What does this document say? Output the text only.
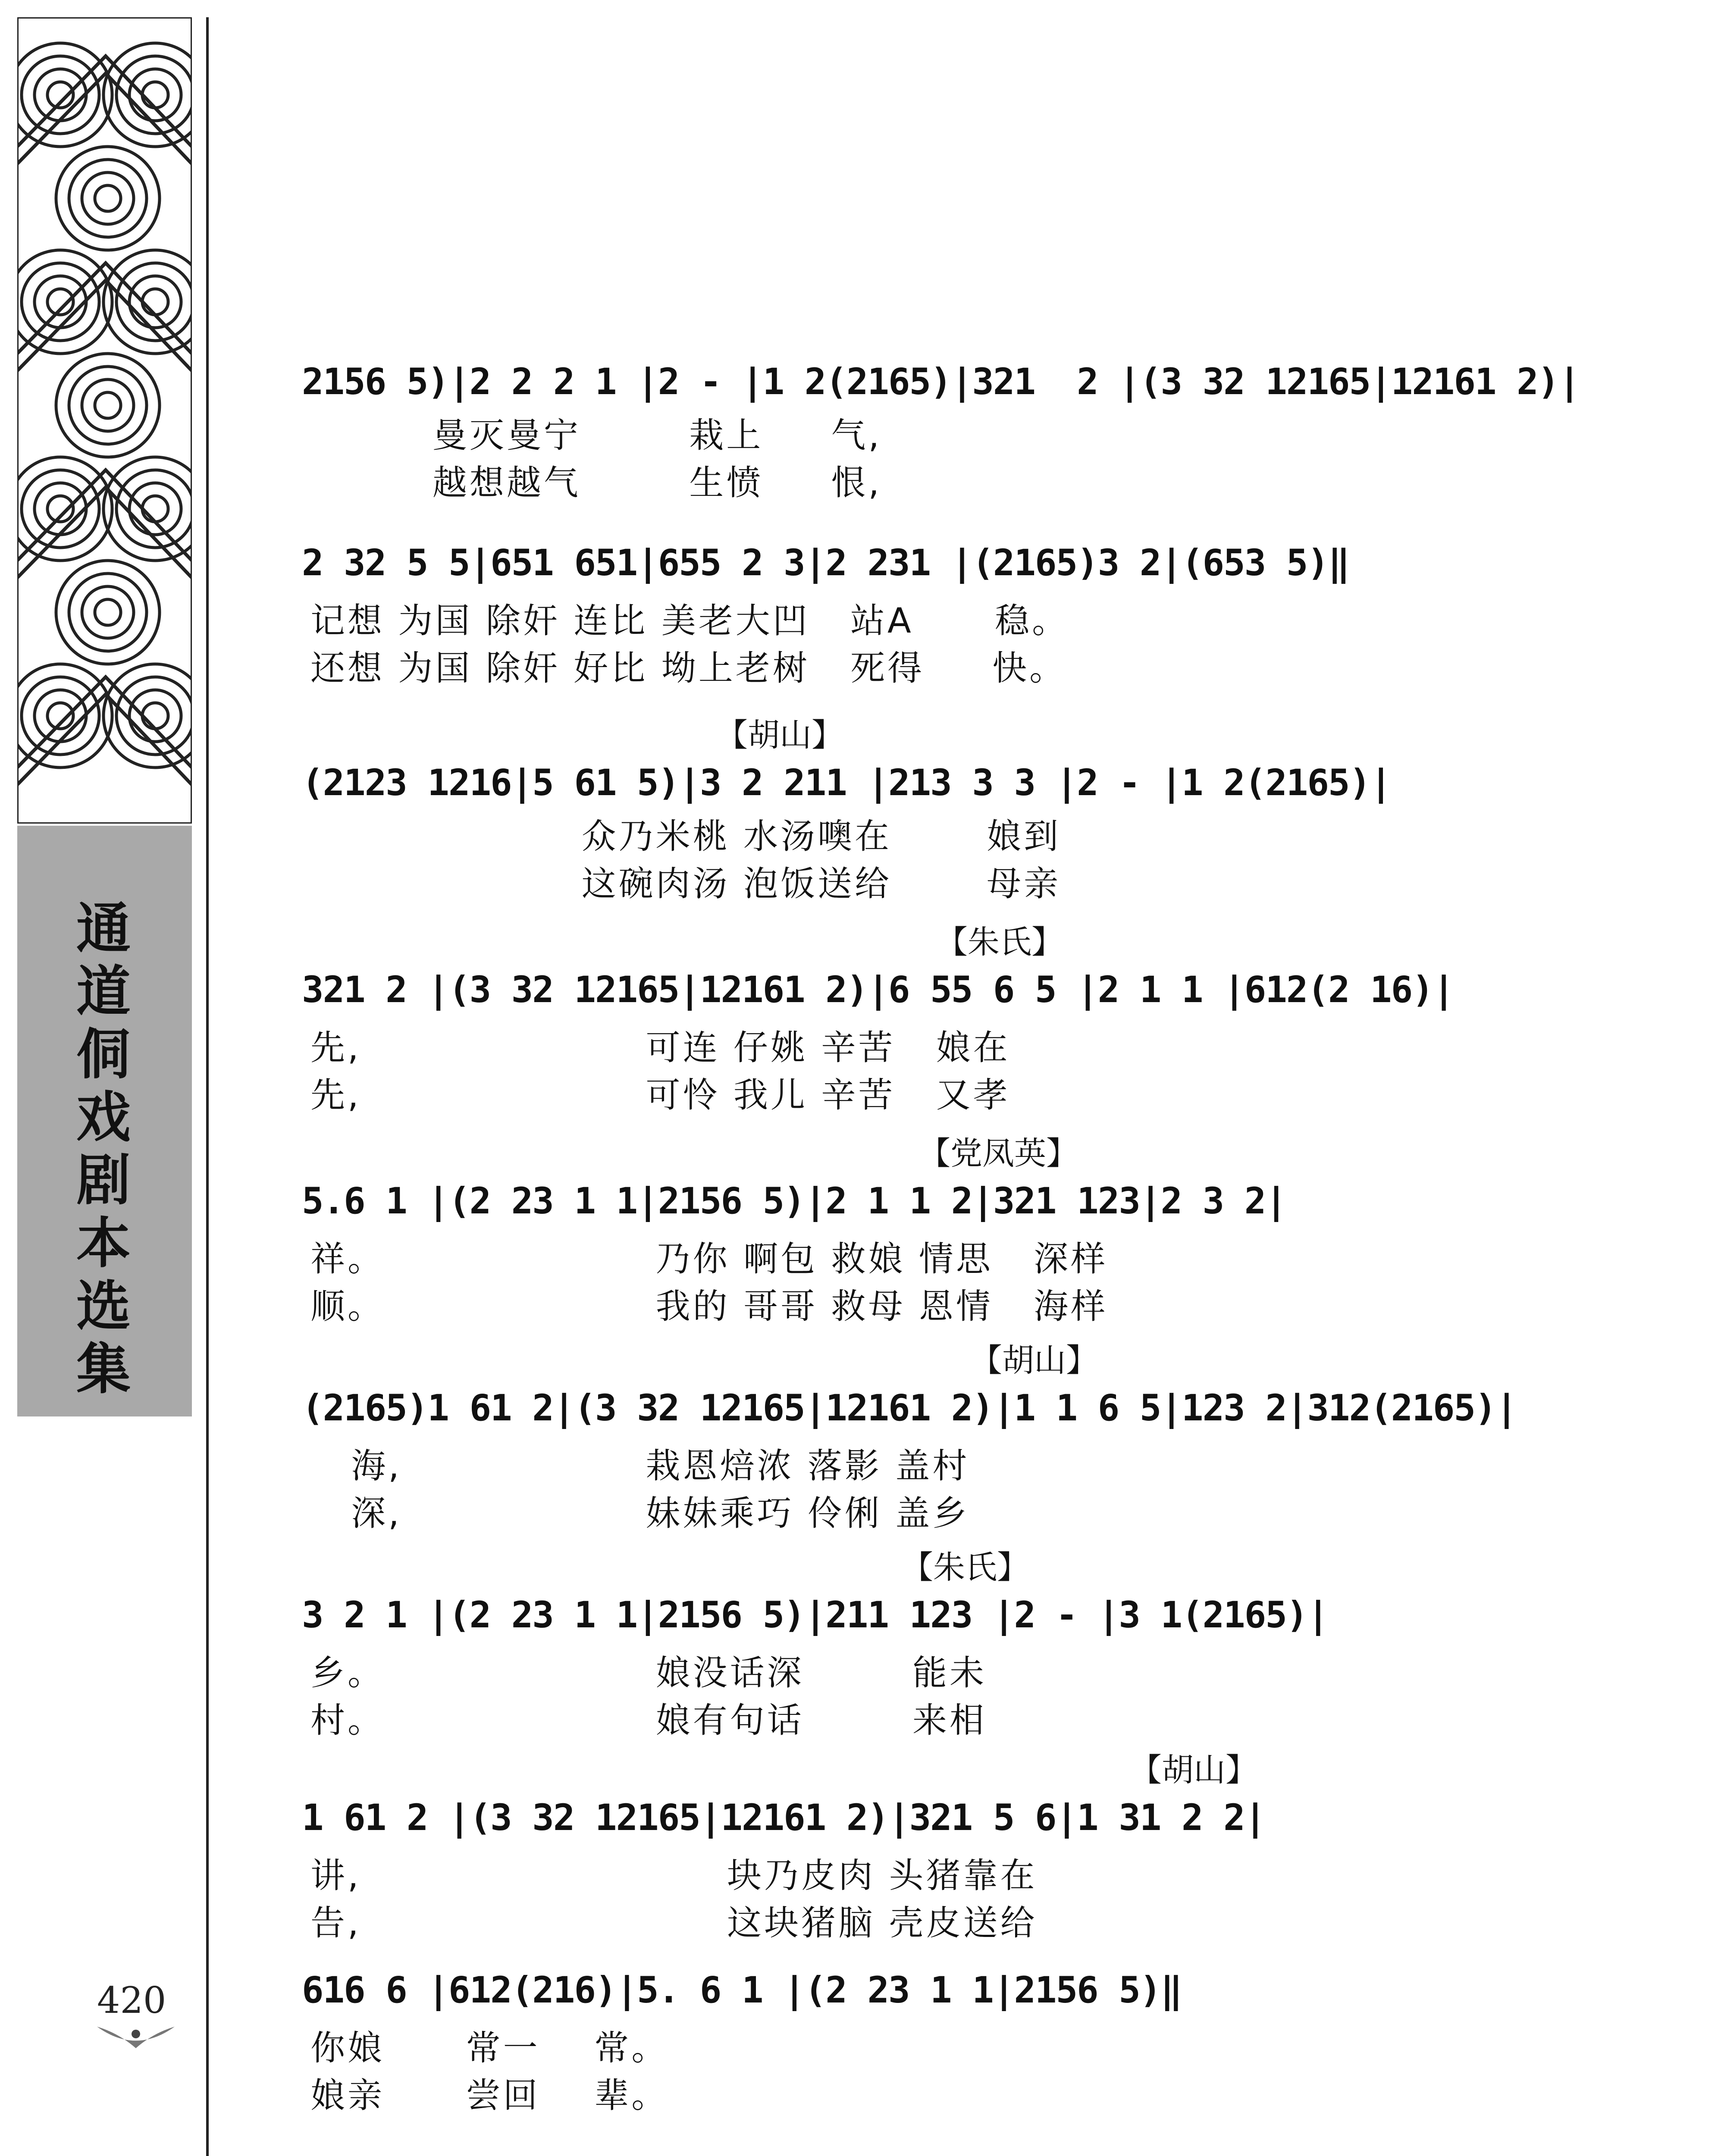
通道侗戏剧本选集
420
2156 5)|2 2 2 1 |2 - |1 2(2165)|321  2 |(3 32 12165|12161 2)|
曼灭曼宁        栽上     气,
越想越气        生愤     恨,
2 32 5 5|651 651|655 2 3|2 231 |(2165)3 2|(653 5)‖
记想 为国 除奸 连比 美老大凹   站A      稳。
还想 为国 除奸 好比 坳上老树   死得     快。
【胡山】
(2123 1216|5 61 5)|3 2 211 |213 3 3 |2 - |1 2(2165)|
众乃米桃 水汤噢在       娘到
这碗肉汤 泡饭送给       母亲
【朱氏】
321 2 |(3 32 12165|12161 2)|6 55 6 5 |2 1 1 |612(2 16)|
先,                     可连 仔姚 辛苦   娘在
先,                     可怜 我儿 辛苦   又孝
【党凤英】
5.6 1 |(2 23 1 1|2156 5)|2 1 1 2|321 123|2 3 2|
祥。                    乃你 啊包 救娘 情思   深样
顺。                    我的 哥哥 救母 恩情   海样
【胡山】
(2165)1 61 2|(3 32 12165|12161 2)|1 1 6 5|123 2|312(2165)|
海,                  栽恩焙浓 落影 盖村
深,                  妹妹乘巧 伶俐 盖乡
【朱氏】
3 2 1 |(2 23 1 1|2156 5)|211 123 |2 - |3 1(2165)|
乡。                    娘没话深        能未
村。                    娘有句话        来相
【胡山】
1 61 2 |(3 32 12165|12161 2)|321 5 6|1 31 2 2|
讲,                           块乃皮肉 头猪靠在
告,                           这块猪脑 壳皮送给
616 6 |612(216)|5. 6 1 |(2 23 1 1|2156 5)‖
你娘      常一    常。
娘亲      尝回    辈。
